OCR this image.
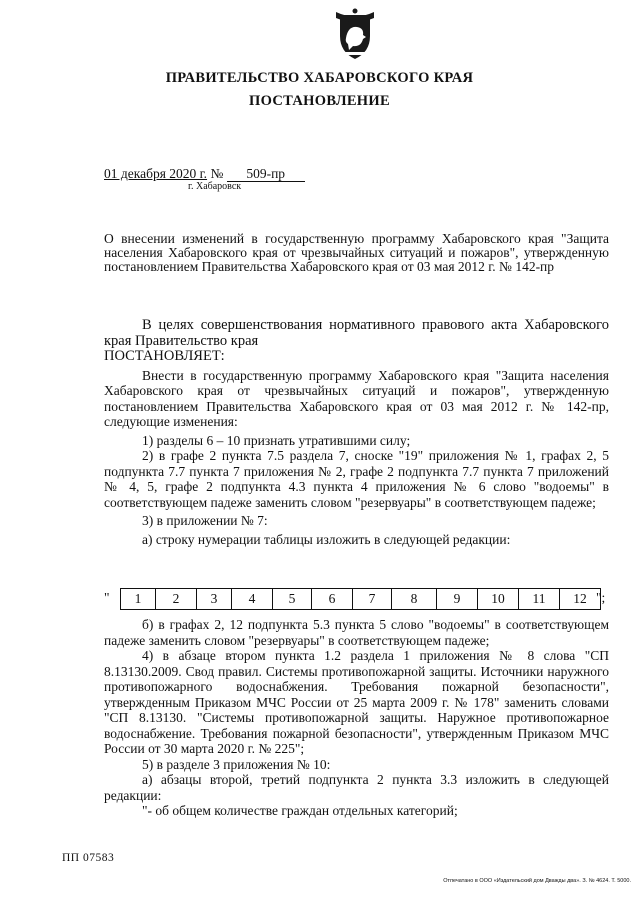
ПРАВИТЕЛЬСТВО ХАБАРОВСКОГО КРАЯ
ПОСТАНОВЛЕНИЕ
01 декабря 2020 г. № 509-пр
г. Хабаровск
О внесении изменений в государственную программу Хабаровского края "Защита населения Хабаровского края от чрезвычайных ситуаций и пожаров", утвержденную постановлением Правительства Хабаровского края от 03 мая 2012 г. № 142-пр

В целях совершенствования нормативного правового акта Хабаровского края Правительство края

ПОСТАНОВЛЯЕТ:

Внести в государственную программу Хабаровского края "Защита населения Хабаровского края от чрезвычайных ситуаций и пожаров", утвержденную постановлением Правительства Хабаровского края от 03 мая 2012 г. № 142-пр, следующие изменения:

1) разделы 6 – 10 признать утратившими силу;

2) в графе 2 пункта 7.5 раздела 7, сноске "19" приложения № 1, графах 2, 5 подпункта 7.7 пункта 7 приложения № 2, графе 2 подпункта 7.7 пункта 7 приложений № 4, 5, графе 2 подпункта 4.3 пункта 4 приложения № 6 слово "водоемы" в соответствующем падеже заменить словом "резервуары" в соответствующем падеже;

3) в приложении № 7:

а) строку нумерации таблицы изложить в следующей редакции:

" 1	2	3	4	5	6	7	8	9	10	11	12 ";

б) в графах 2, 12 подпункта 5.3 пункта 5 слово "водоемы" в соответствующем падеже заменить словом "резервуары" в соответствующем падеже;

4) в абзаце втором пункта 1.2 раздела 1 приложения № 8 слова "СП 8.13130.2009. Свод правил. Системы противопожарной защиты. Источники наружного противопожарного водоснабжения. Требования пожарной безопасности", утвержденным Приказом МЧС России от 25 марта 2009 г. № 178" заменить словами "СП 8.13130. "Системы противопожарной защиты. Наружное противопожарное водоснабжение. Требования пожарной безопасности", утвержденным Приказом МЧС России от 30 марта 2020 г. № 225";

5) в разделе 3 приложения № 10:

а) абзацы второй, третий подпункта 2 пункта 3.3 изложить в следующей редакции:

"- об общем количестве граждан отдельных категорий;

ПП 07583
Отпечатано в ООО «Издательский дом Дважды два». З. № 4624. Т. 5000.
